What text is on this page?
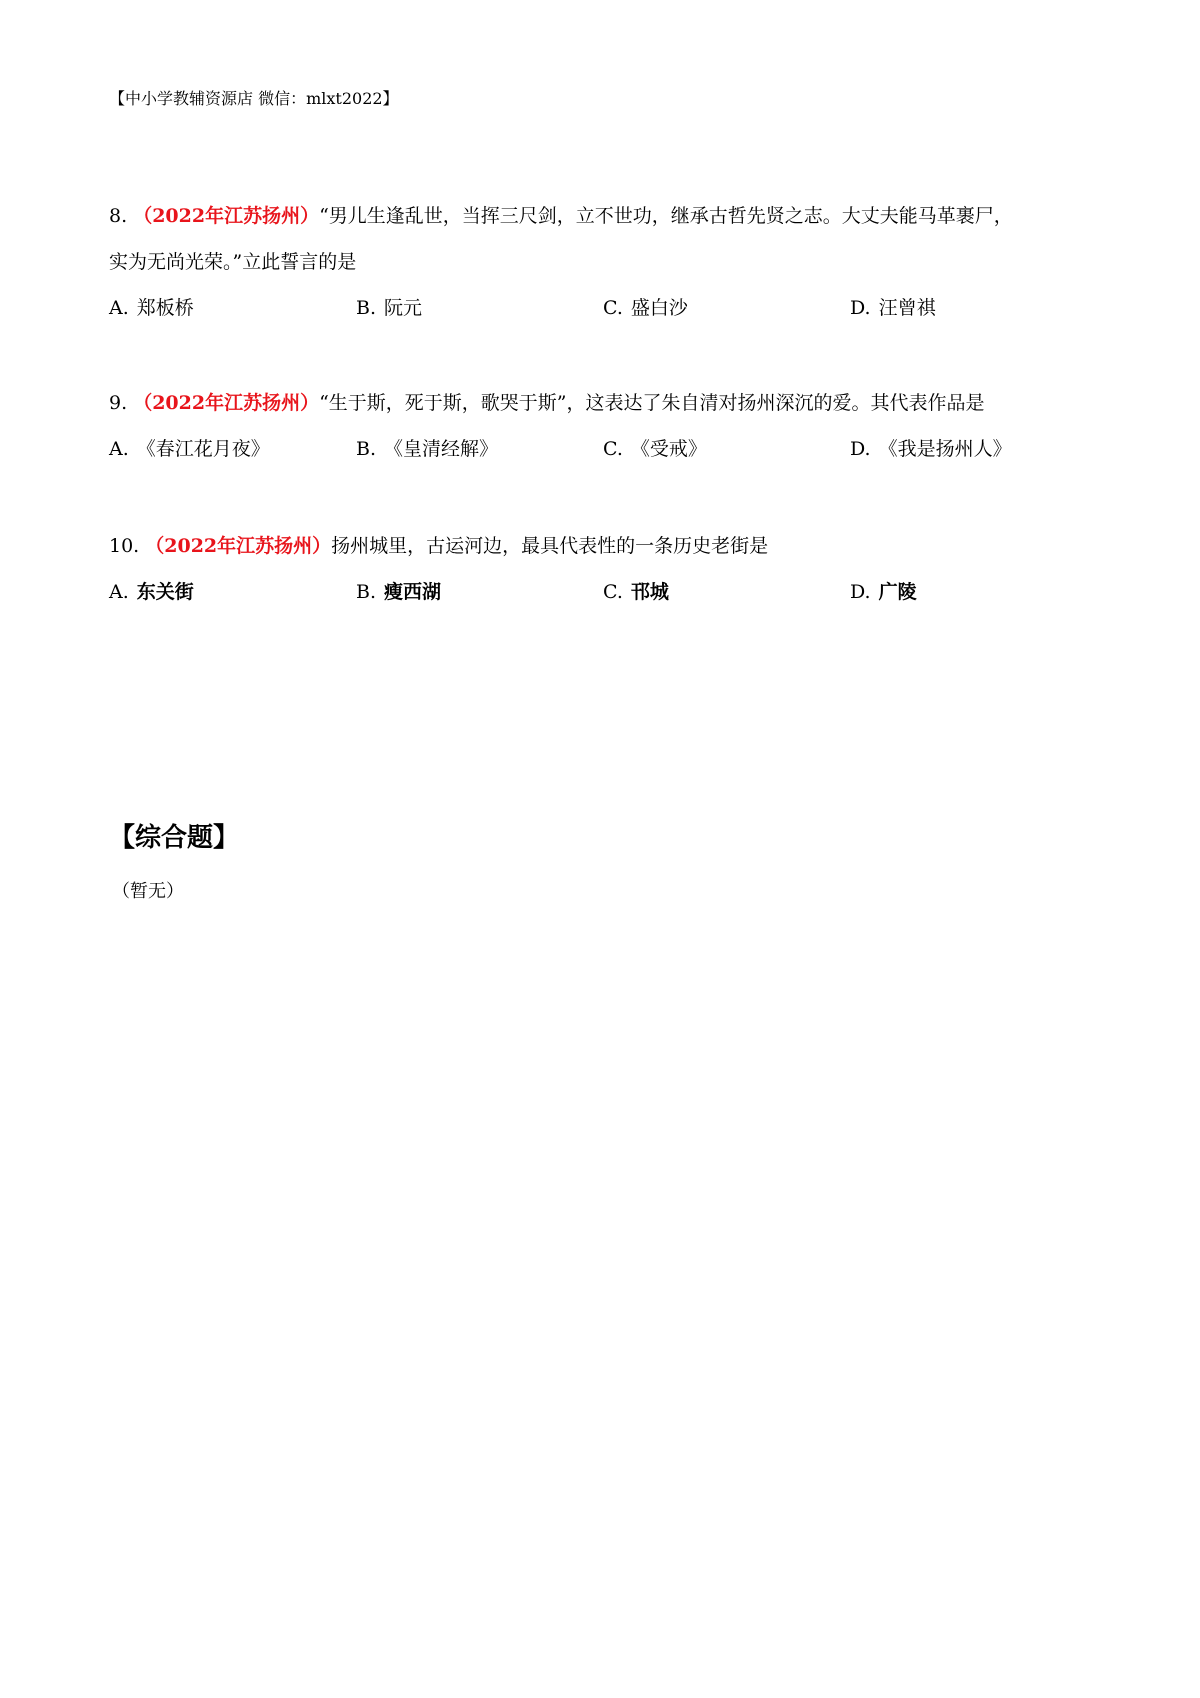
【中小学教辅资源店 微信：mlxt2022】
8. （2022年江苏扬州）“男儿生逢乱世，当挥三尺剑，立不世功，继承古哲先贤之志。大丈夫能马革裹尸，
实为无尚光荣。”立此誓言的是
A. 郑板桥	B. 阮元	C. 盛白沙	D. 汪曾祺
9. （2022年江苏扬州）“生于斯，死于斯，歌哭于斯”，这表达了朱自清对扬州深沉的爱。其代表作品是
A. 《春江花月夜》	B. 《皇清经解》	C. 《受戒》	D. 《我是扬州人》
10. （2022年江苏扬州）扬州城里，古运河边，最具代表性的一条历史老街是
A. 东关街	B. 瘦西湖	C. 邗城	D. 广陵
【综合题】
（暂无）
